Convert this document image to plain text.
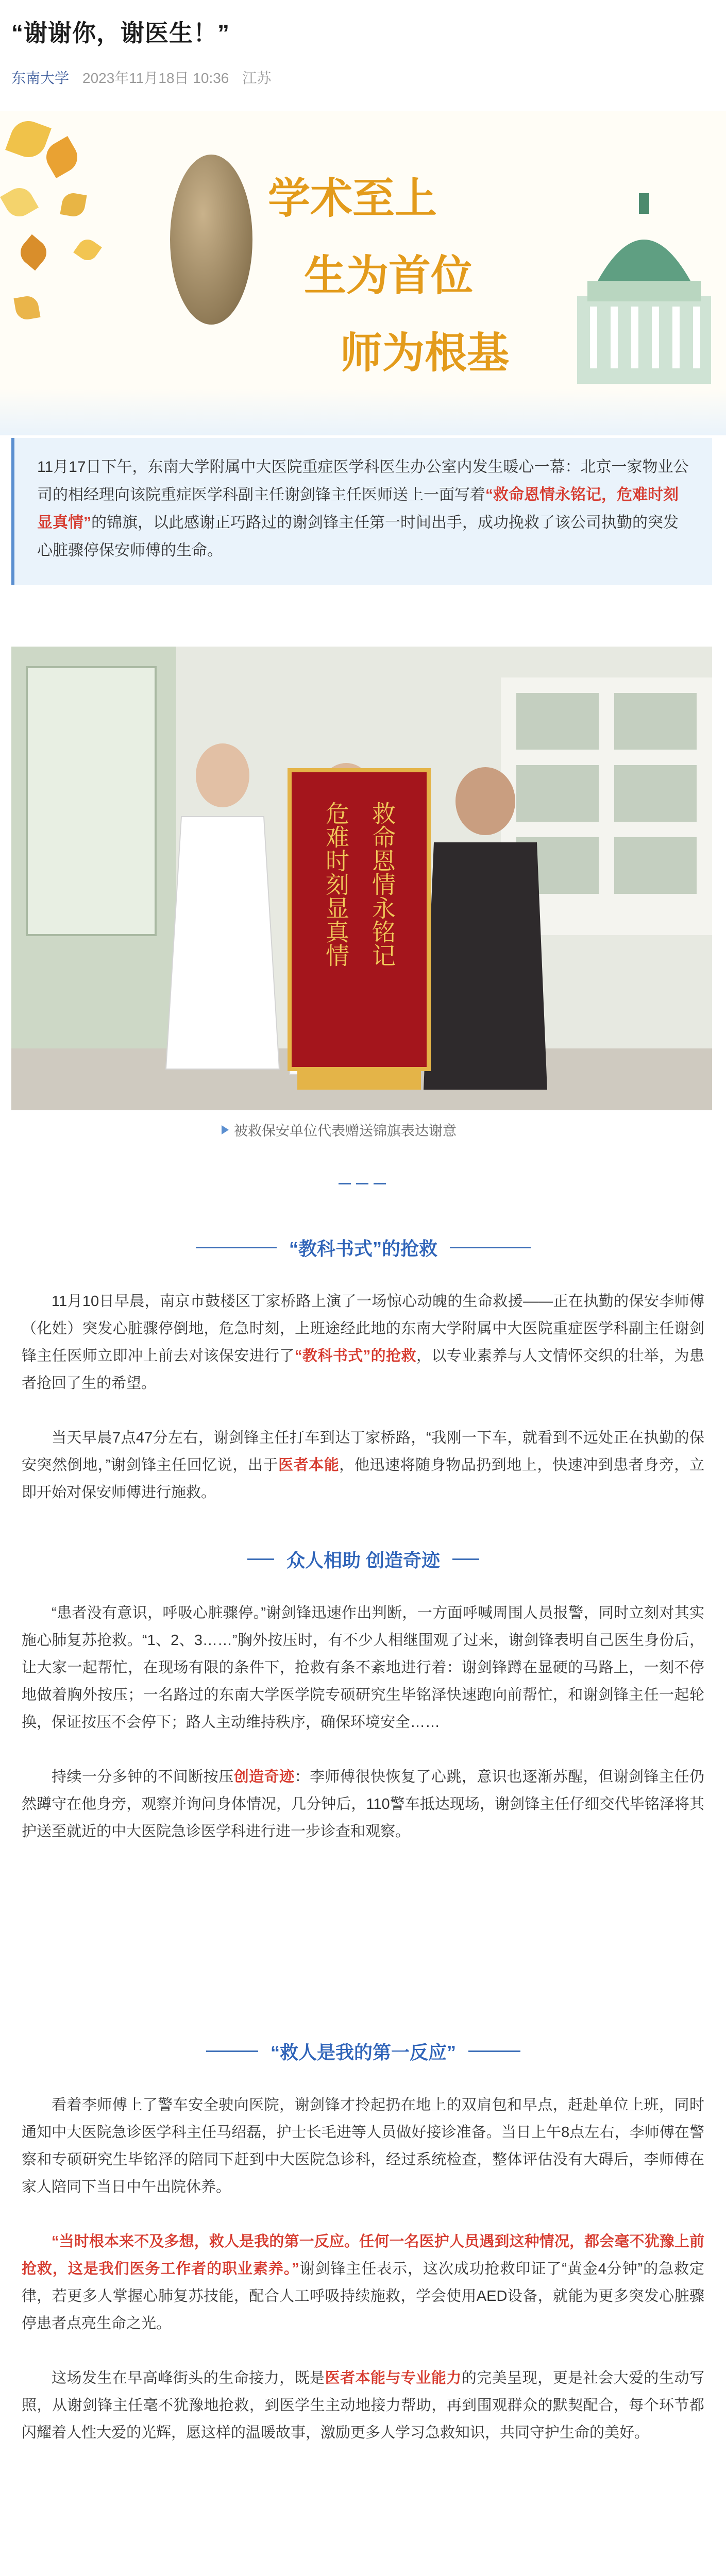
“谢谢你，谢医生！”
东南大学 2023年11月18日 10:36 江苏
学术至上
生为首位
师为根基
11月17日下午，东南大学附属中大医院重症医学科医生办公室内发生暖心一幕：北京一家物业公司的相经理向该院重症医学科副主任谢剑锋主任医师送上一面写着“救命恩情永铭记，危难时刻显真情”的锦旗，以此感谢正巧路过的谢剑锋主任第一时间出手，成功挽救了该公司执勤的突发心脏骤停保安师傅的生命。
救命恩情永铭记
危难时刻显真情
被救保安单位代表赠送锦旗表达谢意
“教科书式”的抢救

11月10日早晨，南京市鼓楼区丁家桥路上演了一场惊心动魄的生命救援——正在执勤的保安李师傅（化姓）突发心脏骤停倒地，危急时刻，上班途经此地的东南大学附属中大医院重症医学科副主任谢剑锋主任医师立即冲上前去对该保安进行了“教科书式”的抢救，以专业素养与人文情怀交织的壮举，为患者抢回了生的希望。

当天早晨7点47分左右，谢剑锋主任打车到达丁家桥路，“我刚一下车，就看到不远处正在执勤的保安突然倒地，”谢剑锋主任回忆说，出于医者本能，他迅速将随身物品扔到地上，快速冲到患者身旁，立即开始对保安师傅进行施救。

众人相助 创造奇迹

“患者没有意识，呼吸心脏骤停。”谢剑锋迅速作出判断，一方面呼喊周围人员报警，同时立刻对其实施心肺复苏抢救。“1、2、3……”胸外按压时，有不少人相继围观了过来，谢剑锋表明自己医生身份后，让大家一起帮忙，在现场有限的条件下，抢救有条不紊地进行着：谢剑锋蹲在显硬的马路上，一刻不停地做着胸外按压；一名路过的东南大学医学院专硕研究生毕铭泽快速跑向前帮忙，和谢剑锋主任一起轮换，保证按压不会停下；路人主动维持秩序，确保环境安全……

持续一分多钟的不间断按压创造奇迹：李师傅很快恢复了心跳，意识也逐渐苏醒，但谢剑锋主任仍然蹲守在他身旁，观察并询问身体情况，几分钟后，110警车抵达现场，谢剑锋主任仔细交代毕铭泽将其护送至就近的中大医院急诊医学科进行进一步诊查和观察。

“救人是我的第一反应”

看着李师傅上了警车安全驶向医院，谢剑锋才拎起扔在地上的双肩包和早点，赶赴单位上班，同时通知中大医院急诊医学科主任马绍磊，护士长毛进等人员做好接诊准备。当日上午8点左右，李师傅在警察和专硕研究生毕铭泽的陪同下赶到中大医院急诊科，经过系统检查，整体评估没有大碍后，李师傅在家人陪同下当日中午出院休养。

“当时根本来不及多想，救人是我的第一反应。任何一名医护人员遇到这种情况，都会毫不犹豫上前抢救，这是我们医务工作者的职业素养。”谢剑锋主任表示，这次成功抢救印证了“黄金4分钟”的急救定律，若更多人掌握心肺复苏技能，配合人工呼吸持续施救，学会使用AED设备，就能为更多突发心脏骤停患者点亮生命之光。

这场发生在早高峰街头的生命接力，既是医者本能与专业能力的完美呈现，更是社会大爱的生动写照，从谢剑锋主任毫不犹豫地抢救，到医学生主动地接力帮助，再到围观群众的默契配合，每个环节都闪耀着人性大爱的光辉，愿这样的温暖故事，激励更多人学习急救知识，共同守护生命的美好。
